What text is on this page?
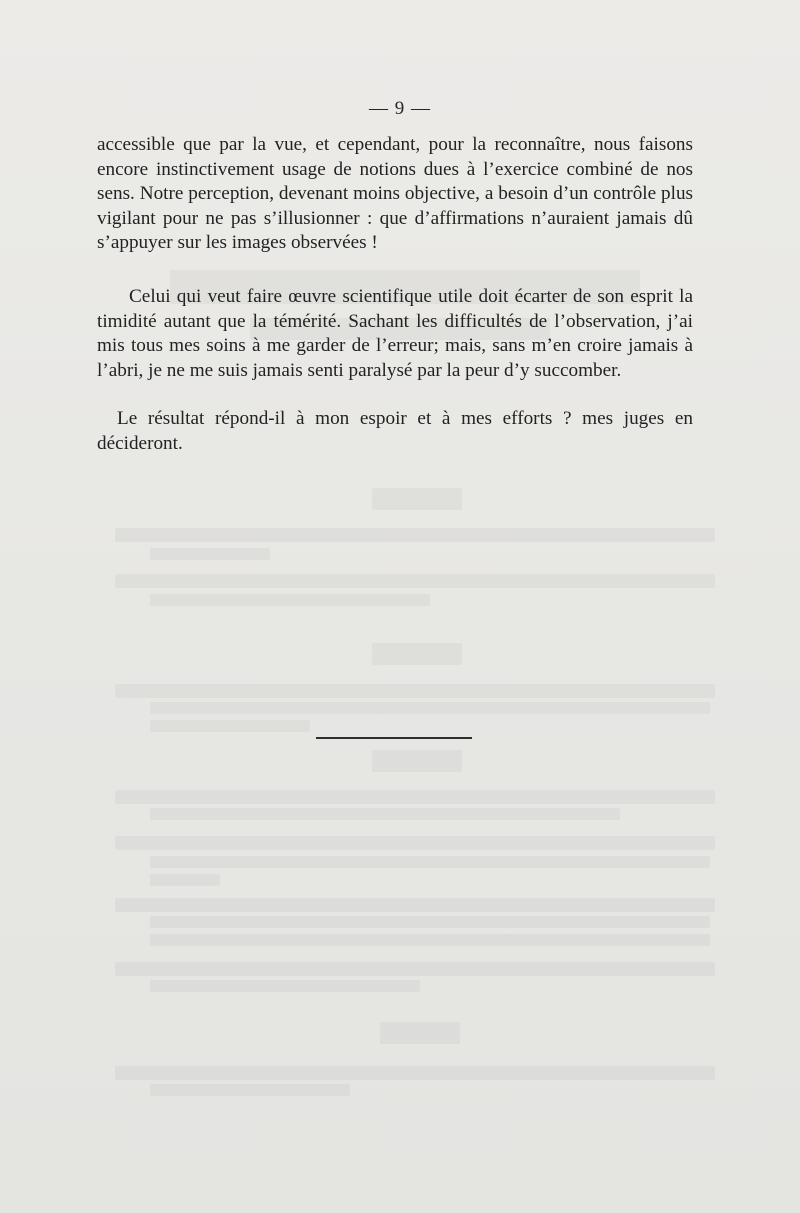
— 9 —

accessible que par la vue, et cependant, pour la reconnaître, nous faisons encore instinctivement usage de notions dues à l’exercice combiné de nos sens. Notre perception, devenant moins objective, a besoin d’un contrôle plus vigilant pour ne pas s’illusionner : que d’affirmations n’auraient jamais dû s’appuyer sur les images observées !

Celui qui veut faire œuvre scientifique utile doit écarter de son esprit la timidité autant que la témérité. Sachant les difficultés de l’observation, j’ai mis tous mes soins à me garder de l’erreur; mais, sans m’en croire jamais à l’abri, je ne me suis jamais senti paralysé par la peur d’y succomber.

Le résultat répond-il à mon espoir et à mes efforts ? mes juges en décideront.
